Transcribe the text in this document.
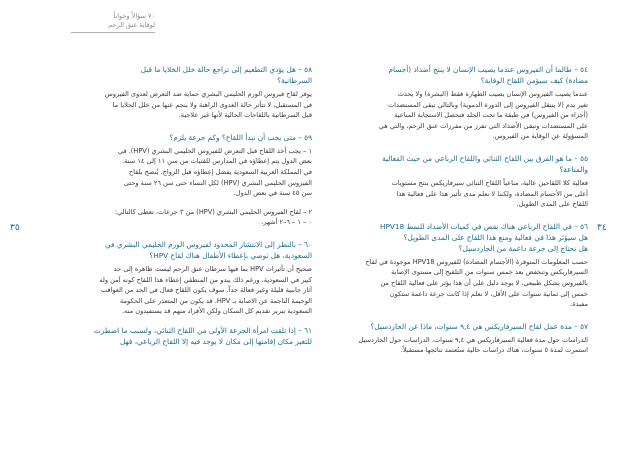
٧٠ سؤالاً وجواباً
لوقاية عنق الرحم
٣٥	٣٤
٥٤ – طالما أن الفيروس عندما يصيب الإنسان لا ينتج أضداد (أجسام
مضادة) كيف سيؤمن اللقاح الوقاية؟
عندما يصيب الفيروس الإنسان يصيب الطهارة فقط (البشرة) ولا يحدث
تغير بدم (لا ينتقل الفيروس إلى الدورة الدموية) وبالتالي تبقى المستضدات
(أجزاء من الفيروس) في طبقة ما تحت الجلد فتحصل الاستجابة المناعية
على المستضدات وتبقى الأضداد التي تفرز من مفرزات عنق الرحم، والتي هي
المسؤولة عن الوقاية من الفيروس.
٥٥ – ما هو الفرق بين اللقاح الثنائي واللقاح الرباعي من حيث الفعالية
والمناعة؟
فعالية كلا اللقاحين عالية، مناعياً اللقاح الثنائي سيرفاريكس ينتج مستويات
أعلى من الأجسام المضادة، ولكننا لا نعلم مدى تأثير هذا على فعالية هذا
اللقاح على المدى الطويل.
٥٦ – في اللقاح الرباعي هناك نقص في كميات الأضداد للنمط HPV18
هل سيؤثر هذا في فعالية ومنع هذا اللقاح على المدى الطويل؟
هل نحتاج إلى جرعة داعمة من الجاردسيل؟
حسب المعلومات المتوفرة (الأجسام المضادة) للفيروس HPV18 موجودة في لقاح
السيرفاريكس وتنخفض بعد خمس سنوات من التلقيح إلى مستوى الإصابة
بالفيروس بشكل طبيعي، لا يوجد دليل على أن هذا يؤثر على فعالية اللقاح من
خمس إلى ثمانية سنوات على الأقل، لا نعلم إذا كانت جرعة داعمة ستكون
مفيدة.
٥٧ – مدة عمل لقاح السيرفاريكس هي ٩,٤ سنوات، ماذا عن الجاردسيل؟
الدراسات حول مدة فعالية السيرفاريكس هي ٩,٤ سنوات، الدراسات حول الجاردسيل
استمرت لمدة ٥ سنوات، هناك دراسات حالية ستُعتمد نتائجها مستقبلاً.
٥٨ – هل يؤدي التطعيم إلى تراجع حالة خلل الخلايا ما قبل
السرطانية؟
يوفر لقاح فيروس الورم الحليمي البشري حماية ضد التعرض لعدوى الفيروس
في المستقبل، لا تتأثر حالة العدوى الراهنة ولا ينجم عنها من خلل الخلايا ما
قبل السرطانية باللقاحات الحالية لأنها غير علاجية.
٥٩ – متى يجب أن نبدأ اللقاح؟ وكم جرعة يلزم؟
١ – يجب أخذ اللقاح قبل التعرض للفيروس الحليمي البشري (HPV). في
بعض الدول يتم إعطاؤه في المدارس للفتيات من سن ١١ إلى ١٤ سنة.
في المملكة العربية السعودية يفضل إعطاؤه قبل الزواج. يُنصح بلقاح
الفيروس الحليمي البشري (HPV) لكل النساء حتى سن ٢٦ سنة وحتى
سن ٤٥ سنة في بعض الدول.
٢ – لقاح الفيروس الحليمي البشري (HPV) من ٣ جرعات، تعطى كالتالي:
٠ – ١ – ٦–٢ أشهر.
٦٠ – بالنظر إلى الانتشار المحدود لفيروس الورم الحليمي البشري في
السعودية، هل توصي بإعطاء الأطفال هناك لقاح HPV؟
صحيح أن تأثيرات HPV بما فيها سرطان عنق الرحم ليست ظاهرة إلى حد
كبير في السعودية، ورغم ذلك يبدو من المنطقي إعطاء هذا اللقاح كونه آمن وله
آثار جانبية قليلة وغير فعالة جداً. سوف يكون اللقاح فعال في الحد من العواقب
الوخيمة الناجمة عن الاصابة بـ HPV، قد يكون من المتعذر على الحكومة
السعودية تبرير تقديم كل السكان ولكن الأفراد منهم قد يستفيدون منه.
٦١ – إذا تلقت امرأة الجرعة الأولى من اللقاح الثنائي، ولسبب ما اضطرت
للتغير مكان إقامتها إلى مكان لا يوجد فيه إلا اللقاح الرباعي، فهل
